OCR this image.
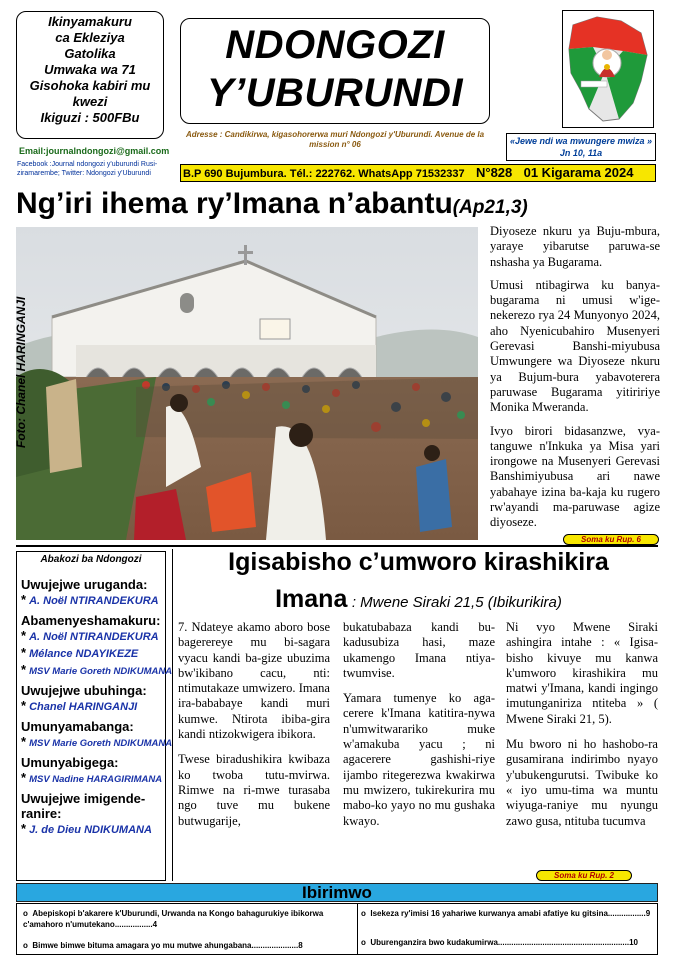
Ikinyamakuru
ca Ekleziya
Gatolika
Umwaka wa 71
Gisohoka kabiri mu
kwezi
Ikiguzi : 500FBu
Email:journalndongozi@gmail.com
Facebook :Journal ndongozi y'uburundi Rusi-ziramarembe; Twitter: Ndongozi y'Uburundi
NDONGOZI
Y’UBURUNDI
Adresse : Candikirwa, kigasohorerwa muri Ndongozi y'Uburundi. Avenue de la mission n° 06	«Jewe ndi wa mwungere mwiza »
Jn 10, 11a
B.P 690 Bujumbura. Tél.: 222762. WhatsApp 71532337 N°828 01 Kigarama 2024
Ng’iri ihema ry’Imana n’abantu(Ap21,3)
Foto: Chanel HARINGANJI

Diyoseze nkuru ya Buju-mbura, yaraye yibarutse paruwa-se nshasha ya Bugarama.

Umusi ntibagirwa ku banya-bugarama ni umusi w'ige-nekerezo rya 24 Munyonyo 2024, aho Nyenicubahiro Musenyeri Gerevasi Banshi-miyubusa Umwungere wa Diyoseze nkuru ya Bujum-bura yabavoterera paruwase Bugarama yitiririye Monika Mweranda.

Ivyo birori bidasanzwe, vya-tanguwe n'Inkuka ya Misa yari irongowe na Musenyeri Gerevasi Banshimiyubusa ari nawe yabahaye izina ba-kaja ku rugero rw'ayandi ma-paruwase agize diyoseze.

Soma ku Rup. 6
Abakozi ba Ndongozi
Uwujejwe uruganda:
* A. Noël NTIRANDEKURA
Abamenyeshamakuru:
* A. Noël NTIRANDEKURA
* Mélance NDAYIKEZE
* MSV Marie Goreth NDIKUMANA
Uwujejwe ubuhinga:
* Chanel HARINGANJI
Umunyamabanga:
* MSV Marie Goreth NDIKUMANA
Umunyabigega:
* MSV Nadine HARAGIRIMANA
Uwujejwe imigende-ranire:
* J. de Dieu NDIKUMANA
Igisabisho c’umworo kirashikira
Imana : Mwene Siraki 21,5 (Ibikurikira)

7. Ndateye akamo aboro bose bagerereye mu bi-sagara vyacu kandi ba-gize ubuzima bw'ikibano cacu, nti: ntimutakaze umwizero. Imana ira-bababaye kandi muri kumwe. Ntirota ibiba-gira kandi ntizokwigera ibikora.

Twese biradushikira kwibaza ko twoba tutu-mvirwa. Rimwe na ri-mwe turasaba ngo tuve mu bukene butwugarije,

bukatubabaza kandi bu-kadusubiza hasi, maze ukamengo Imana ntiya-twumvise.

Yamara tumenye ko aga-cerere k'Imana katitira-nywa n'umwitwarariko muke w'amakuba yacu ; ni agacerere gashishi-riye ijambo ritegerezwa kwakirwa mu mwizero, tukirekurira mu mabo-ko yayo no mu gushaka kwayo.

Ni vyo Mwene Siraki ashingira intahe : « Igisa-bisho kivuye mu kanwa k'umworo kirashikira mu matwi y'Imana, kandi ingingo imutunganiriza ntiteba » ( Mwene Siraki 21, 5).

Mu bworo ni ho hashobo-ra gusamirana indirimbo nyayo y'ubukengurutsi. Twibuke ko « iyo umu-tima wa muntu wiyuga-raniye mu nyungu zawo gusa, ntituba tucumva

Soma ku Rup. 2
Ibirimwo
o  Abepiskopi b'akarere k'Uburundi, Urwanda na Kongo bahagurukiye ibikorwa c'amahoro n'umutekano.................4
o  Bimwe bimwe bituma amagara yo mu mutwe ahungabana.....................8
o  Isekeza ry'imisi 16 yahariwe kurwanya amabi afatiye ku gitsina.................9
o  Uburenganzira bwo kudakumirwa...........................................................10
